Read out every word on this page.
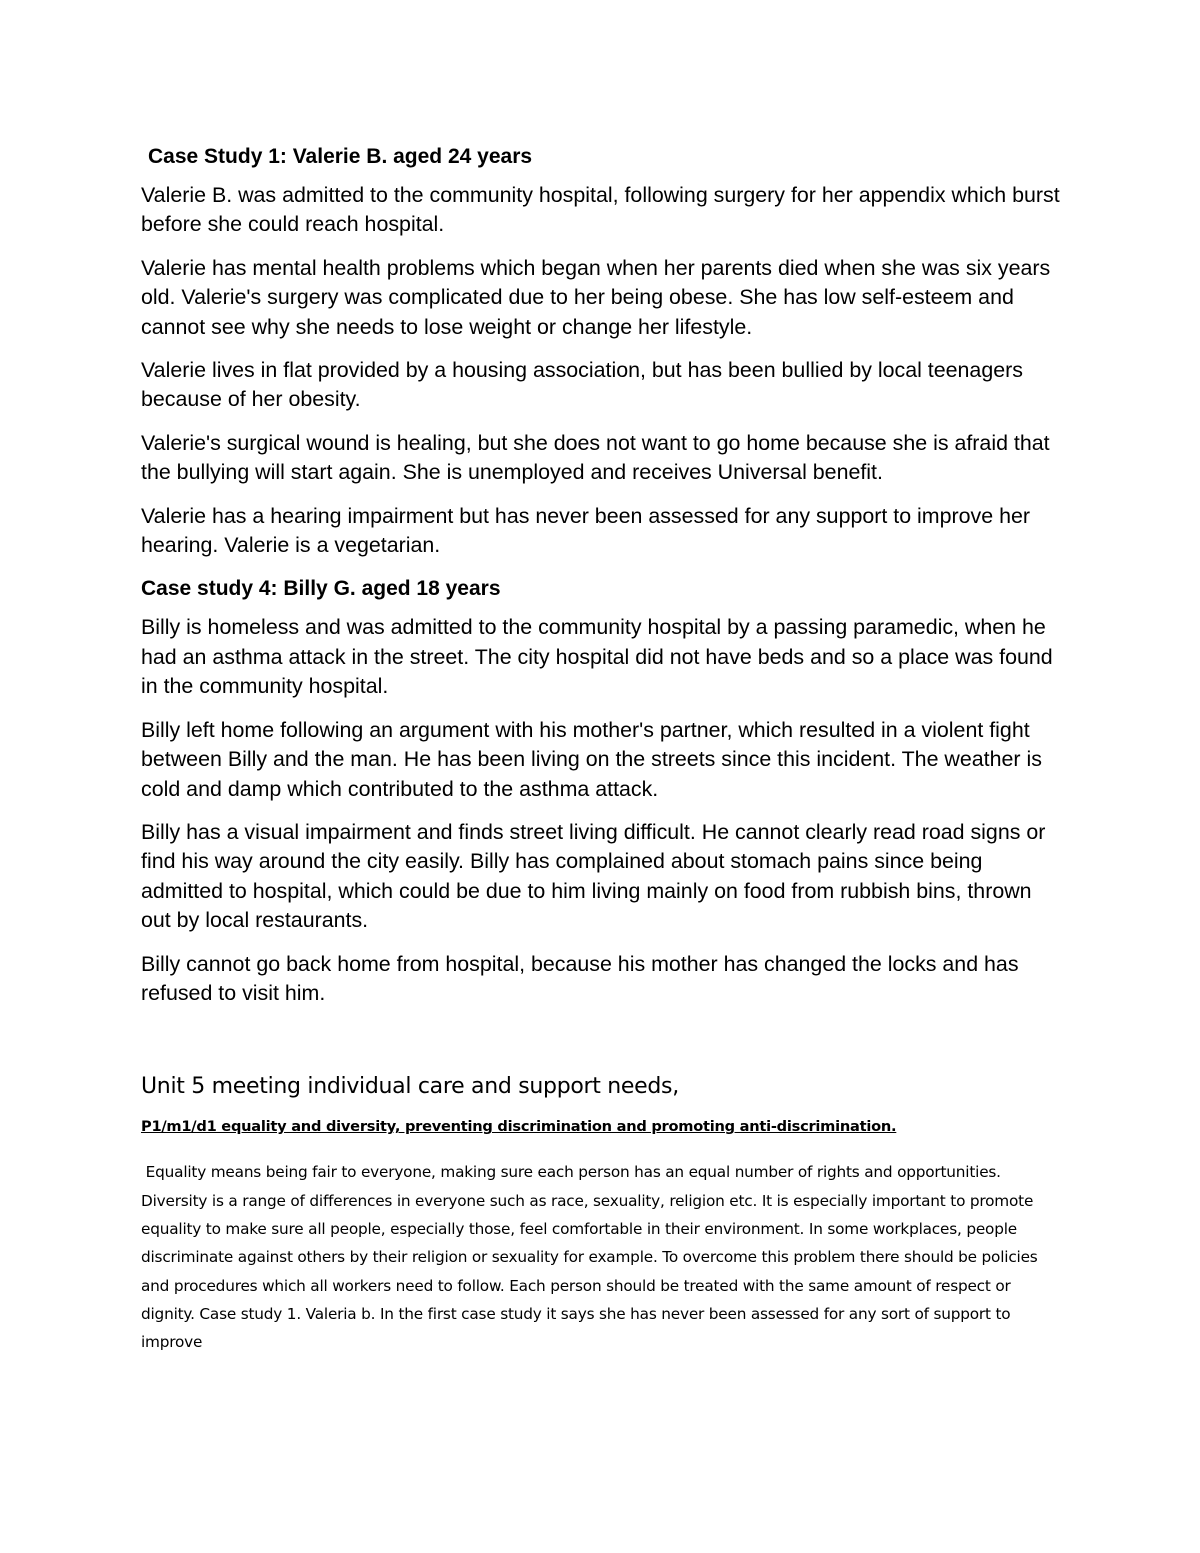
Case Study 1: Valerie B. aged 24 years

Valerie B. was admitted to the community hospital, following surgery for her appendix which burst before she could reach hospital.

Valerie has mental health problems which began when her parents died when she was six years old. Valerie's surgery was complicated due to her being obese. She has low self-esteem and cannot see why she needs to lose weight or change her lifestyle.

Valerie lives in flat provided by a housing association, but has been bullied by local teenagers because of her obesity.

Valerie's surgical wound is healing, but she does not want to go home because she is afraid that the bullying will start again. She is unemployed and receives Universal benefit.

Valerie has a hearing impairment but has never been assessed for any support to improve her hearing. Valerie is a vegetarian.

Case study 4: Billy G. aged 18 years

Billy is homeless and was admitted to the community hospital by a passing paramedic, when he had an asthma attack in the street. The city hospital did not have beds and so a place was found in the community hospital.

Billy left home following an argument with his mother's partner, which resulted in a violent fight between Billy and the man. He has been living on the streets since this incident. The weather is cold and damp which contributed to the asthma attack.

Billy has a visual impairment and finds street living difficult. He cannot clearly read road signs or find his way around the city easily. Billy has complained about stomach pains since being admitted to hospital, which could be due to him living mainly on food from rubbish bins, thrown out by local restaurants.

Billy cannot go back home from hospital, because his mother has changed the locks and has refused to visit him.

Unit 5 meeting individual care and support needs,
P1/m1/d1 equality and diversity, preventing discrimination and promoting anti-discrimination.

Equality means being fair to everyone, making sure each person has an equal number of rights and opportunities. Diversity is a range of differences in everyone such as race, sexuality, religion etc. It is especially important to promote equality to make sure all people, especially those, feel comfortable in their environment. In some workplaces, people discriminate against others by their religion or sexuality for example. To overcome this problem there should be policies and procedures which all workers need to follow. Each person should be treated with the same amount of respect or dignity. Case study 1. Valeria b. In the first case study it says she has never been assessed for any sort of support to improve
